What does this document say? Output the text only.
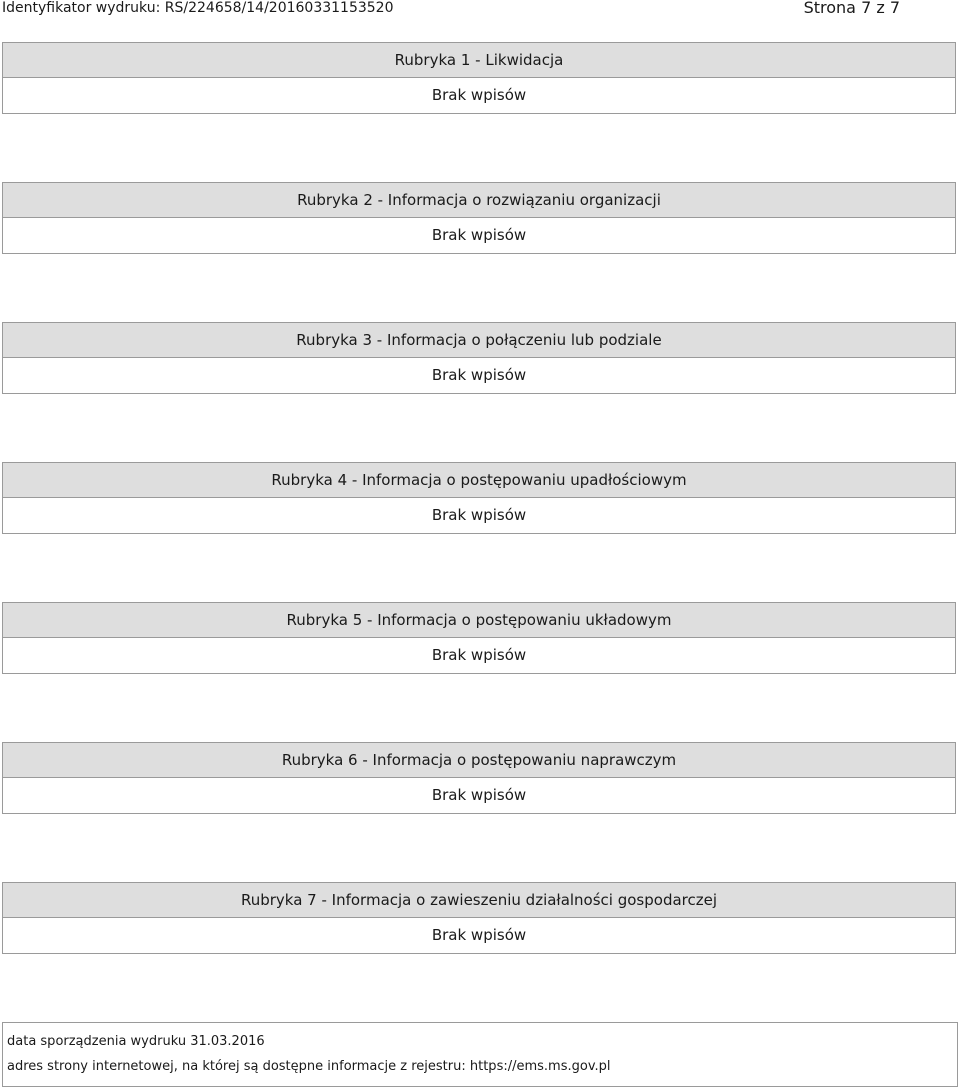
Identyfikator wydruku: RS/224658/14/20160331153520	Strona 7 z 7
Rubryka 1 - Likwidacja
Brak wpisów
Rubryka 2 - Informacja o rozwiązaniu organizacji
Brak wpisów
Rubryka 3 - Informacja o połączeniu lub podziale
Brak wpisów
Rubryka 4 - Informacja o postępowaniu upadłościowym
Brak wpisów
Rubryka 5 - Informacja o postępowaniu układowym
Brak wpisów
Rubryka 6 - Informacja o postępowaniu naprawczym
Brak wpisów
Rubryka 7 - Informacja o zawieszeniu działalności gospodarczej
Brak wpisów
data sporządzenia wydruku 31.03.2016
adres strony internetowej, na której są dostępne informacje z rejestru: https://ems.ms.gov.pl
